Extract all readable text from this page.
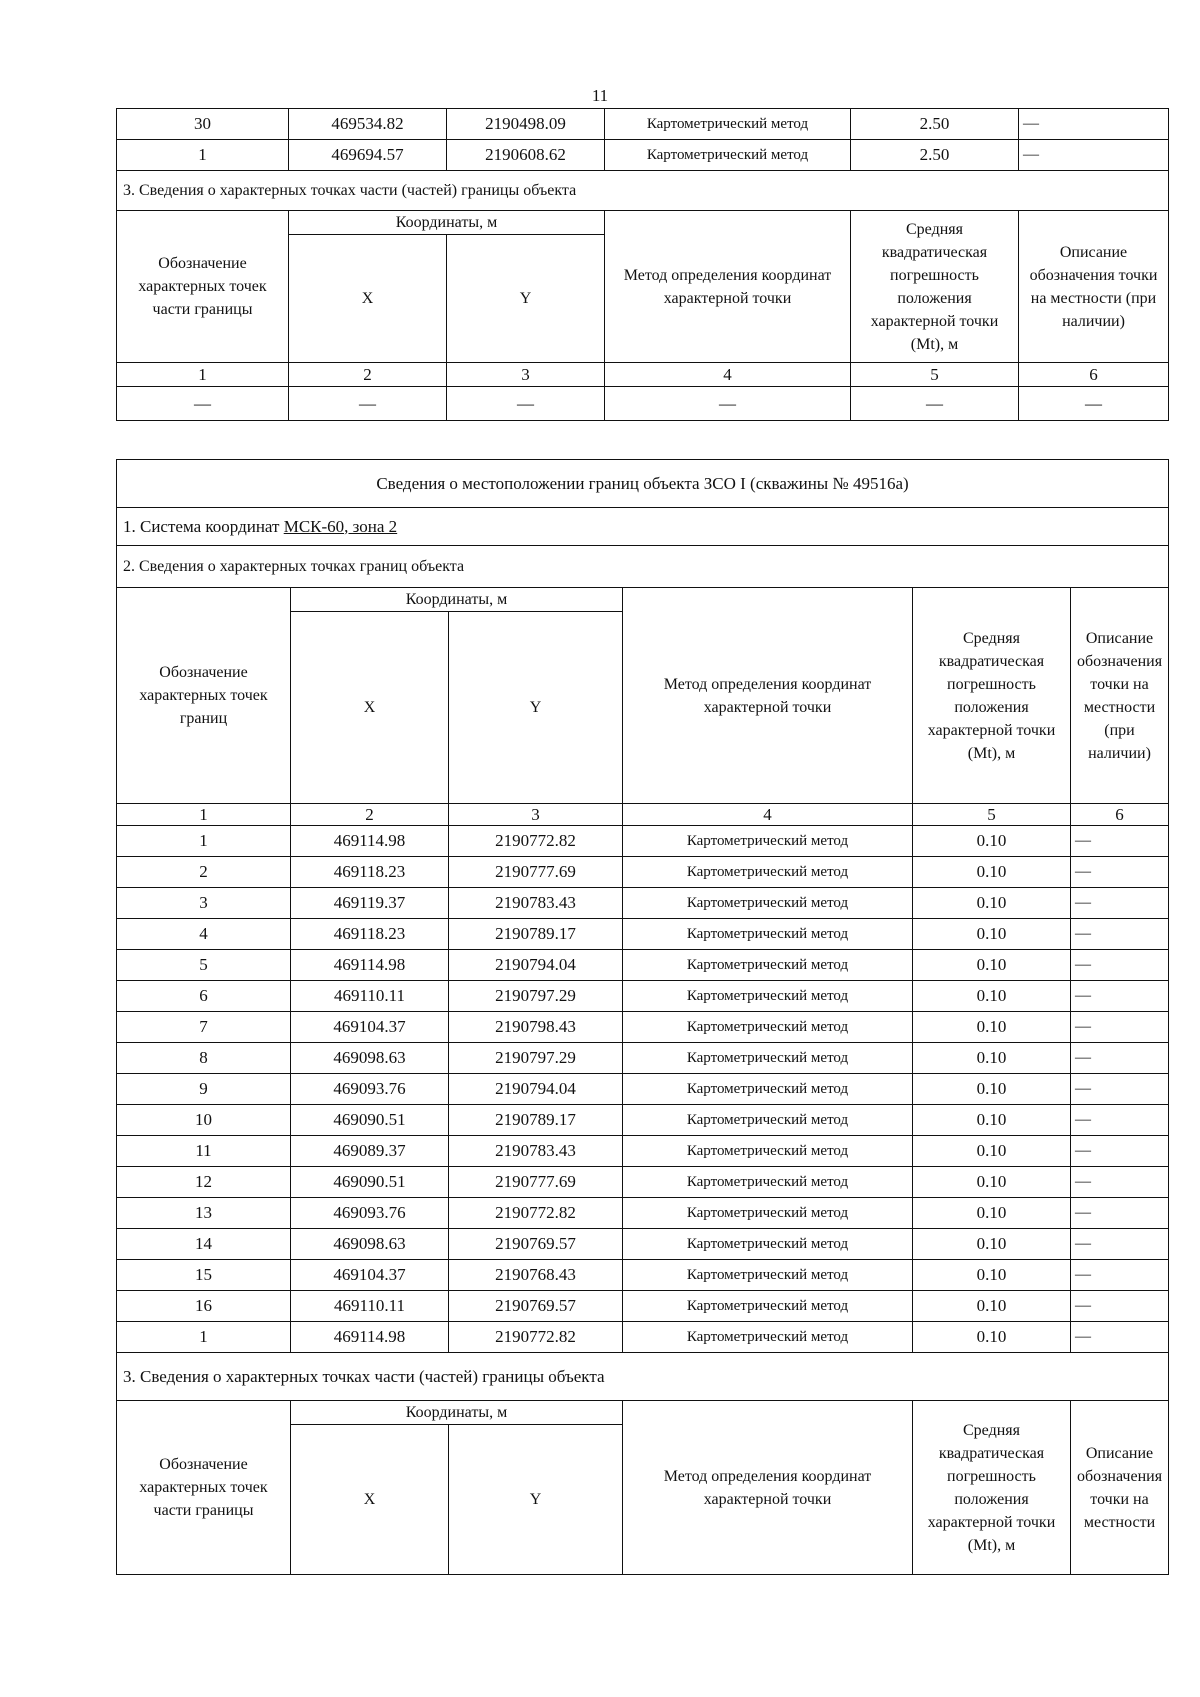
11
30	469534.82	2190498.09	Картометрический метод	2.50	—
1	469694.57	2190608.62	Картометрический метод	2.50	—
3. Сведения о характерных точках части (частей) границы объекта					
Обозначение характерных точек части границы	Координаты, м		Метод определения координат характерной точки	Средняя квадратическая погрешность положения характерной точки (Mt), м	Описание обозначения точки на местности (при наличии)
	X	Y			
1	2	3	4	5	6
—	—	—	—	—	—
Сведения о местоположении границ объекта ЗСО I (скважины № 49516а)					
1. Система координат МСК-60, зона 2					
2. Сведения о характерных точках границ объекта					
Обозначение характерных точек границ	Координаты, м		Метод определения координат характерной точки	Средняя квадратическая погрешность положения характерной точки (Mt), м	Описание обозначения точки на местности (при наличии)
	X	Y			
1	2	3	4	5	6
1	469114.98	2190772.82	Картометрический метод	0.10	—
2	469118.23	2190777.69	Картометрический метод	0.10	—
3	469119.37	2190783.43	Картометрический метод	0.10	—
4	469118.23	2190789.17	Картометрический метод	0.10	—
5	469114.98	2190794.04	Картометрический метод	0.10	—
6	469110.11	2190797.29	Картометрический метод	0.10	—
7	469104.37	2190798.43	Картометрический метод	0.10	—
8	469098.63	2190797.29	Картометрический метод	0.10	—
9	469093.76	2190794.04	Картометрический метод	0.10	—
10	469090.51	2190789.17	Картометрический метод	0.10	—
11	469089.37	2190783.43	Картометрический метод	0.10	—
12	469090.51	2190777.69	Картометрический метод	0.10	—
13	469093.76	2190772.82	Картометрический метод	0.10	—
14	469098.63	2190769.57	Картометрический метод	0.10	—
15	469104.37	2190768.43	Картометрический метод	0.10	—
16	469110.11	2190769.57	Картометрический метод	0.10	—
1	469114.98	2190772.82	Картометрический метод	0.10	—
3. Сведения о характерных точках части (частей) границы объекта					
Обозначение характерных точек части границы	Координаты, м		Метод определения координат характерной точки	Средняя квадратическая погрешность положения характерной точки (Mt), м	Описание обозначения точки на местности
	X	Y			
